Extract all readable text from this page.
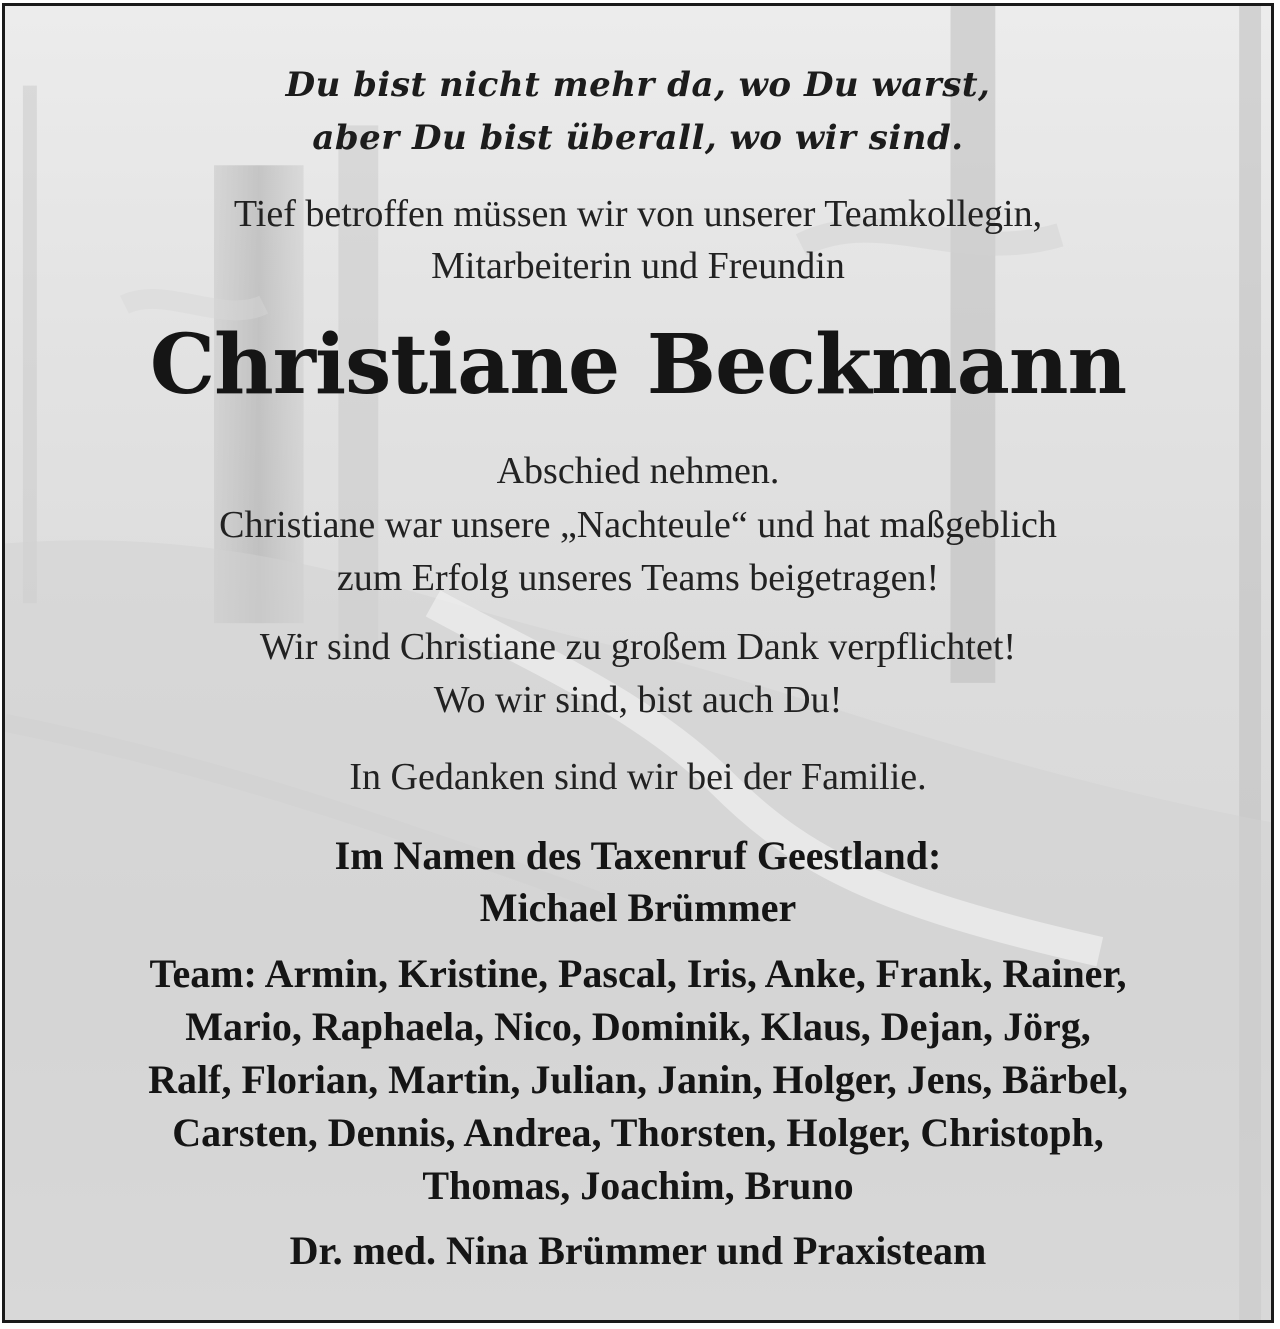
Du bist nicht mehr da, wo Du warst,
aber Du bist überall, wo wir sind.
Tief betroffen müssen wir von unserer Teamkollegin,
Mitarbeiterin und Freundin
Christiane Beckmann
Abschied nehmen.
Christiane war unsere „Nachteule“ und hat maßgeblich
zum Erfolg unseres Teams beigetragen!
Wir sind Christiane zu großem Dank verpflichtet!
Wo wir sind, bist auch Du!
In Gedanken sind wir bei der Familie.
Im Namen des Taxenruf Geestland:
Michael Brümmer
Team: Armin, Kristine, Pascal, Iris, Anke, Frank, Rainer,
Mario, Raphaela, Nico, Dominik, Klaus, Dejan, Jörg,
Ralf, Florian, Martin, Julian, Janin, Holger, Jens, Bärbel,
Carsten, Dennis, Andrea, Thorsten, Holger, Christoph,
Thomas, Joachim, Bruno
Dr. med. Nina Brümmer und Praxisteam
